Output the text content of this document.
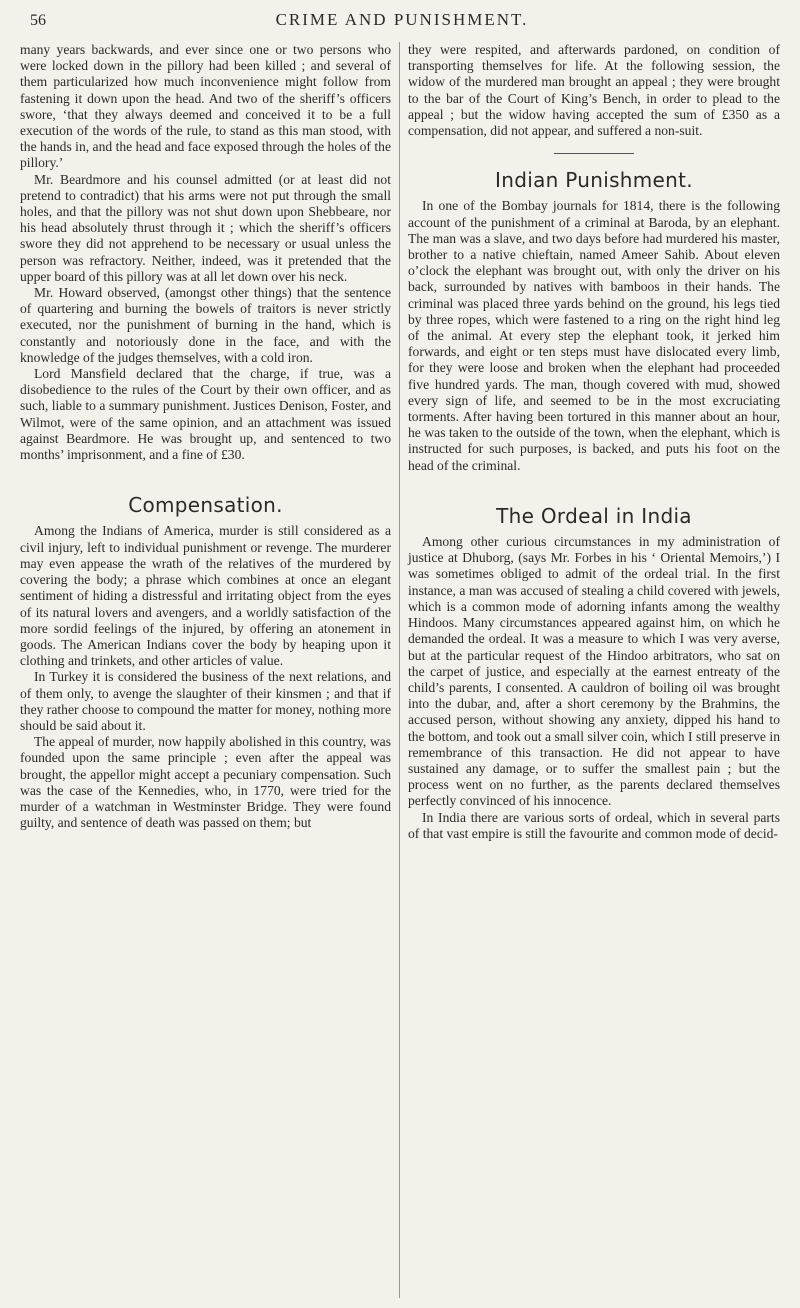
56	CRIME AND PUNISHMENT.

many years backwards, and ever since one or two persons who were locked down in the pillory had been killed ; and several of them particularized how much inconvenience might follow from fastening it down upon the head. And two of the sheriff’s officers swore, ‘that they always deemed and conceived it to be a full execution of the words of the rule, to stand as this man stood, with the hands in, and the head and face exposed through the holes of the pillory.’

Mr. Beardmore and his counsel admitted (or at least did not pretend to contradict) that his arms were not put through the small holes, and that the pillory was not shut down upon Shebbeare, nor his head absolutely thrust through it ; which the sheriff’s officers swore they did not apprehend to be necessary or usual unless the person was refractory. Neither, indeed, was it pretended that the upper board of this pillory was at all let down over his neck.

Mr. Howard observed, (amongst other things) that the sentence of quartering and burning the bowels of traitors is never strictly executed, nor the punishment of burning in the hand, which is constantly and notoriously done in the face, and with the knowledge of the judges themselves, with a cold iron.

Lord Mansfield declared that the charge, if true, was a disobedience to the rules of the Court by their own officer, and as such, liable to a summary punishment. Justices Denison, Foster, and Wilmot, were of the same opinion, and an attachment was issued against Beardmore. He was brought up, and sentenced to two months’ imprisonment, and a fine of £30.

Compensation.

Among the Indians of America, murder is still considered as a civil injury, left to individual punishment or revenge. The murderer may even appease the wrath of the relatives of the murdered by covering the body; a phrase which combines at once an elegant sentiment of hiding a distressful and irritating object from the eyes of its natural lovers and avengers, and a worldly satisfaction of the more sordid feelings of the injured, by offering an atonement in goods. The American Indians cover the body by heaping upon it clothing and trinkets, and other articles of value.

In Turkey it is considered the business of the next relations, and of them only, to avenge the slaughter of their kinsmen ; and that if they rather choose to compound the matter for money, nothing more should be said about it.

The appeal of murder, now happily abolished in this country, was founded upon the same principle ; even after the appeal was brought, the appellor might accept a pecuniary compensation. Such was the case of the Kennedies, who, in 1770, were tried for the murder of a watchman in Westminster Bridge. They were found guilty, and sentence of death was passed on them; but

they were respited, and afterwards pardoned, on condition of transporting themselves for life. At the following session, the widow of the murdered man brought an appeal ; they were brought to the bar of the Court of King’s Bench, in order to plead to the appeal ; but the widow having accepted the sum of £350 as a compensation, did not appear, and suffered a non-suit.

Indian Punishment.

In one of the Bombay journals for 1814, there is the following account of the punishment of a criminal at Baroda, by an elephant. The man was a slave, and two days before had murdered his master, brother to a native chieftain, named Ameer Sahib. About eleven o’clock the elephant was brought out, with only the driver on his back, surrounded by natives with bamboos in their hands. The criminal was placed three yards behind on the ground, his legs tied by three ropes, which were fastened to a ring on the right hind leg of the animal. At every step the elephant took, it jerked him forwards, and eight or ten steps must have dislocated every limb, for they were loose and broken when the elephant had proceeded five hundred yards. The man, though covered with mud, showed every sign of life, and seemed to be in the most excruciating torments. After having been tortured in this manner about an hour, he was taken to the outside of the town, when the elephant, which is instructed for such purposes, is backed, and puts his foot on the head of the criminal.

The Ordeal in India

Among other curious circumstances in my administration of justice at Dhuborg, (says Mr. Forbes in his ‘ Oriental Memoirs,’) I was sometimes obliged to admit of the ordeal trial. In the first instance, a man was accused of stealing a child covered with jewels, which is a common mode of adorning infants among the wealthy Hindoos. Many circumstances appeared against him, on which he demanded the ordeal. It was a measure to which I was very averse, but at the particular request of the Hindoo arbitrators, who sat on the carpet of justice, and especially at the earnest entreaty of the child’s parents, I consented. A cauldron of boiling oil was brought into the dubar, and, after a short ceremony by the Brahmins, the accused person, without showing any anxiety, dipped his hand to the bottom, and took out a small silver coin, which I still preserve in remembrance of this transaction. He did not appear to have sustained any damage, or to suffer the smallest pain ; but the process went on no further, as the parents declared themselves perfectly convinced of his innocence.

In India there are various sorts of ordeal, which in several parts of that vast empire is still the favourite and common mode of decid-
